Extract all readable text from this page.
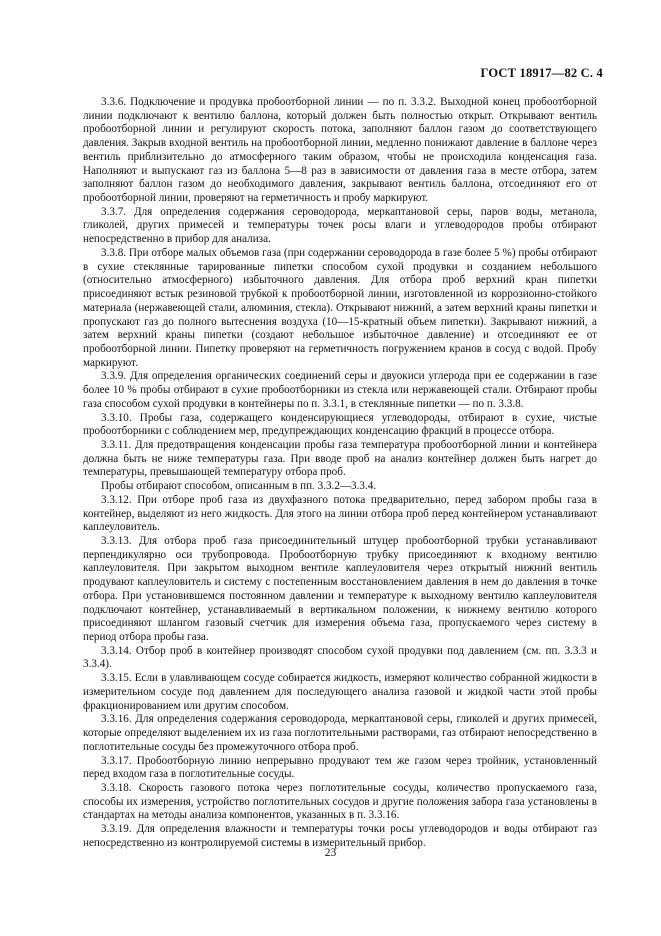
ГОСТ 18917—82 С. 4

3.3.6. Подключение и продувка пробоотборной линии — по п. 3.3.2. Выходной конец пробоотборной линии подключают к вентилю баллона, который должен быть полностью открыт. Открывают вентиль пробоотборной линии и регулируют скорость потока, заполняют баллон газом до соответствующего давления. Закрыв входной вентиль на пробоотборной линии, медленно понижают давление в баллоне через вентиль приблизительно до атмосферного таким образом, чтобы не происходила конденсация газа. Наполняют и выпускают газ из баллона 5—8 раз в зависимости от давления газа в месте отбора, затем заполняют баллон газом до необходимого давления, закрывают вентиль баллона, отсоединяют его от пробоотборной линии, проверяют на герметичность и пробу маркируют.

3.3.7. Для определения содержания сероводорода, меркаптановой серы, паров воды, метанола, гликолей, других примесей и температуры точек росы влаги и углеводородов пробы отбирают непосредственно в прибор для анализа.

3.3.8. При отборе малых объемов газа (при содержании сероводорода в газе более 5 %) пробы отбирают в сухие стеклянные тарированные пипетки способом сухой продувки и созданием небольшого (относительно атмосферного) избыточного давления. Для отбора проб верхний кран пипетки присоединяют встык резиновой трубкой к пробоотборной линии, изготовленной из коррозионно-стойкого материала (нержавеющей стали, алюминия, стекла). Открывают нижний, а затем верхний краны пипетки и пропускают газ до полного вытеснения воздуха (10—15-кратный объем пипетки). Закрывают нижний, а затем верхний краны пипетки (создают небольшое избыточное давление) и отсоединяют ее от пробоотборной линии. Пипетку проверяют на герметичность погружением кранов в сосуд с водой. Пробу маркируют.

3.3.9. Для определения органических соединений серы и двуокиси углерода при ее содержании в газе более 10 % пробы отбирают в сухие пробоотборники из стекла или нержавеющей стали. Отбирают пробы газа способом сухой продувки в контейнеры по п. 3.3.1, в стеклянные пипетки — по п. 3.3.8.

3.3.10. Пробы газа, содержащего конденсирующиеся углеводороды, отбирают в сухие, чистые пробоотборники с соблюдением мер, предупреждающих конденсацию фракций в процессе отбора.

3.3.11. Для предотвращения конденсации пробы газа температура пробоотборной линии и контейнера должна быть не ниже температуры газа. При вводе проб на анализ контейнер должен быть нагрет до температуры, превышающей температуру отбора проб.

Пробы отбирают способом, описанным в пп. 3.3.2—3.3.4.

3.3.12. При отборе проб газа из двухфазного потока предварительно, перед забором пробы газа в контейнер, выделяют из него жидкость. Для этого на линии отбора проб перед контейнером устанавливают каплеуловитель.

3.3.13. Для отбора проб газа присоединительный штуцер пробоотборной трубки устанавливают перпендикулярно оси трубопровода. Пробоотборную трубку присоединяют к входному вентилю каплеуловителя. При закрытом выходном вентиле каплеуловителя через открытый нижний вентиль продувают каплеуловитель и систему с постепенным восстановлением давления в нем до давления в точке отбора. При установившемся постоянном давлении и температуре к выходному вентилю каплеуловителя подключают контейнер, устанавливаемый в вертикальном положении, к нижнему вентилю которого присоединяют шлангом газовый счетчик для измерения объема газа, пропускаемого через систему в период отбора пробы газа.

3.3.14. Отбор проб в контейнер производят способом сухой продувки под давлением (см. пп. 3.3.3 и 3.3.4).

3.3.15. Если в улавливающем сосуде собирается жидкость, измеряют количество собранной жидкости в измерительном сосуде под давлением для последующего анализа газовой и жидкой части этой пробы фракционированием или другим способом.

3.3.16. Для определения содержания сероводорода, меркаптановой серы, гликолей и других примесей, которые определяют выделением их из газа поглотительными растворами, газ отбирают непосредственно в поглотительные сосуды без промежуточного отбора проб.

3.3.17. Пробоотборную линию непрерывно продувают тем же газом через тройник, установленный перед входом газа в поглотительные сосуды.

3.3.18. Скорость газового потока через поглотительные сосуды, количество пропускаемого газа, способы их измерения, устройство поглотительных сосудов и другие положения забора газа установлены в стандартах на методы анализа компонентов, указанных в п. 3.3.16.

3.3.19. Для определения влажности и температуры точки росы углеводородов и воды отбирают газ непосредственно из контролируемой системы в измерительный прибор.

23
